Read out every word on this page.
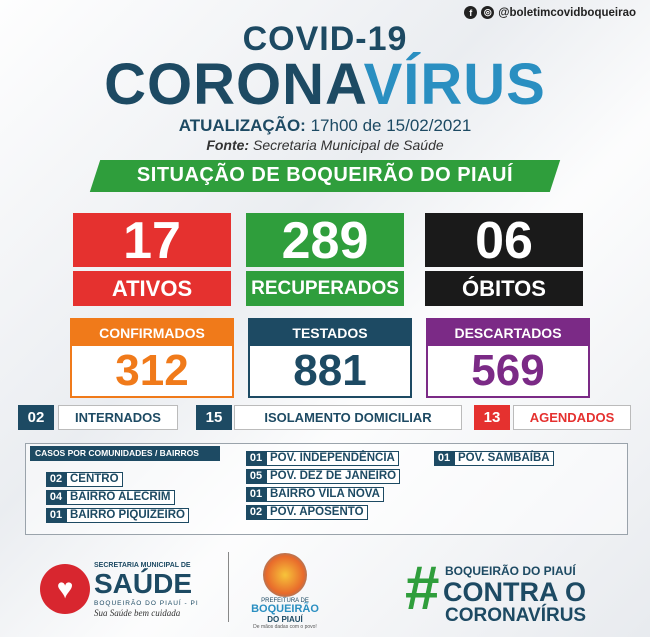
f	◎ @boletimcovidboqueirao
COVID-19
CORONAVÍRUS
ATUALIZAÇÃO: 17h00 de 15/02/2021
Fonte: Secretaria Municipal de Saúde
SITUAÇÃO DE BOQUEIRÃO DO PIAUÍ
17
ATIVOS
289
RECUPERADOS
06
ÓBITOS
CONFIRMADOS
312
TESTADOS
881
DESCARTADOS
569
02	INTERNADOS	15	ISOLAMENTO DOMICILIAR	13	AGENDADOS
CASOS POR COMUNIDADES / BAIRROS
02 CENTRO
04 BAIRRO ALECRIM
01 BAIRRO PIQUIZEIRO
01 POV. INDEPENDÊNCIA
05 POV. DEZ DE JANEIRO
01 BAIRRO VILA NOVA
02 POV. APOSENTO
01 POV. SAMBAÍBA
♥
SECRETARIA MUNICIPAL DE
SAÚDE
BOQUEIRÃO DO PIAUÍ - PI
Sua Saúde bem cuidada
PREFEITURA DE
BOQUEIRÃO
DO PIAUÍ
De mãos dadas com o povo!
# BOQUEIRÃO DO PIAUÍ
CONTRA O
CORONAVÍRUS
